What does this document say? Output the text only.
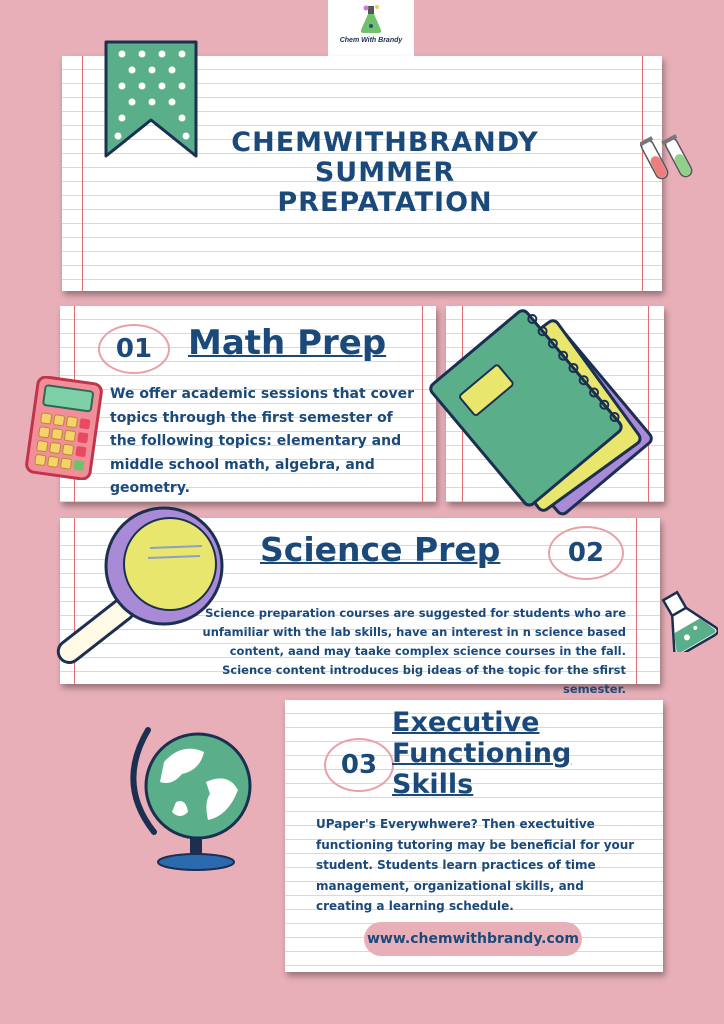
Chem With Brandy
CHEMWITHBRANDY
SUMMER
PREPATATION
01	Math Prep

We offer academic sessions that cover topics through the first semester of the following topics: elementary and middle school math, algebra, and geometry.

Science Prep	02

Science preparation courses are suggested for students who are unfamiliar with the lab skills, have an interest in n science based content, aand may taake complex science courses in the fall. Science content introduces big ideas of the topic for the sfirst semester.

03
Executive
Functioning
Skills

UPaper's Everywhwere? Then exectuitive functioning tutoring may be beneficial for your student. Students learn practices of time management, organizational skills, and creating a learning schedule.

www.chemwithbrandy.com
